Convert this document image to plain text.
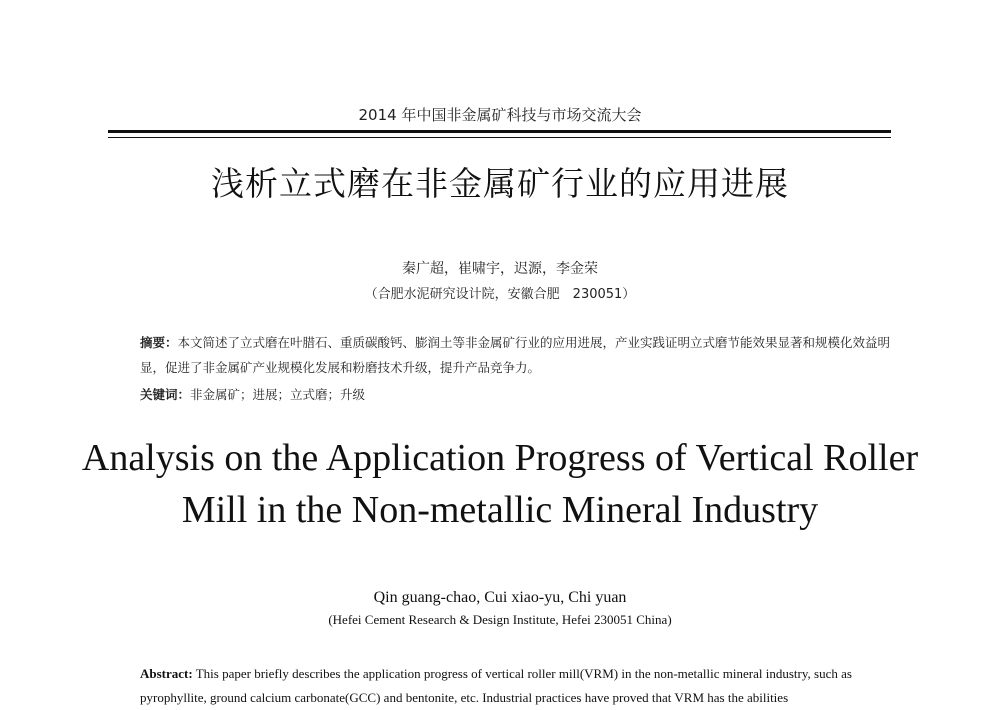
2014 年中国非金属矿科技与市场交流大会
浅析立式磨在非金属矿行业的应用进展
秦广超，崔啸宇，迟源，李金荣
（合肥水泥研究设计院，安徽合肥　230051）
摘要：本文简述了立式磨在叶腊石、重质碳酸钙、膨润土等非金属矿行业的应用进展，产业实践证明立式磨节能效果显著和规模化效益明显，促进了非金属矿产业规模化发展和粉磨技术升级，提升产品竞争力。
关键词：非金属矿；进展；立式磨；升级
Analysis on the Application Progress of Vertical Roller
Mill in the Non-metallic Mineral Industry
Qin guang-chao, Cui xiao-yu, Chi yuan
(Hefei Cement Research & Design Institute, Hefei 230051 China)
Abstract: This paper briefly describes the application progress of vertical roller mill(VRM) in the non-metallic mineral industry, such as pyrophyllite, ground calcium carbonate(GCC) and bentonite, etc. Industrial practices have proved that VRM has the abilities
